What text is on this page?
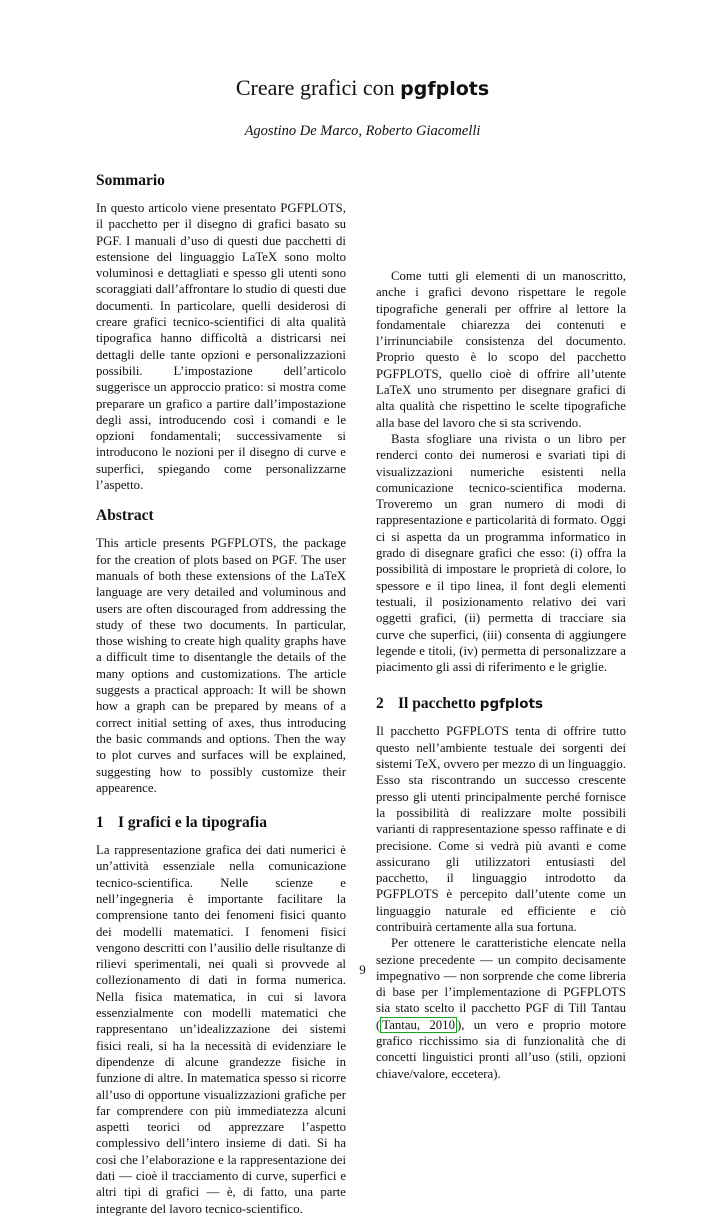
Creare grafici con pgfplots
Agostino De Marco, Roberto Giacomelli
Sommario

In questo articolo viene presentato PGFPLOTS, il pacchetto per il disegno di grafici basato su PGF. I manuali d’uso di questi due pacchetti di estensione del linguaggio LaTeX sono molto voluminosi e dettagliati e spesso gli utenti sono scoraggiati dall’affrontare lo studio di questi due documenti. In particolare, quelli desiderosi di creare grafici tecnico-scientifici di alta qualità tipografica hanno difficoltà a districarsi nei dettagli delle tante opzioni e personalizzazioni possibili. L’impostazione dell’articolo suggerisce un approccio pratico: si mostra come preparare un grafico a partire dall’impostazione degli assi, introducendo così i comandi e le opzioni fondamentali; successivamente si introducono le nozioni per il disegno di curve e superfici, spiegando come personalizzarne l’aspetto.

Abstract

This article presents PGFPLOTS, the package for the creation of plots based on PGF. The user manuals of both these extensions of the LaTeX language are very detailed and voluminous and users are often discouraged from addressing the study of these two documents. In particular, those wishing to create high quality graphs have a difficult time to disentangle the details of the many options and customizations. The article suggests a practical approach: It will be shown how a graph can be prepared by means of a correct initial setting of axes, thus introducing the basic commands and options. Then the way to plot curves and surfaces will be explained, suggesting how to possibly customize their appearence.

1 I grafici e la tipografia

La rappresentazione grafica dei dati numerici è un’attività essenziale nella comunicazione tecnico-scientifica. Nelle scienze e nell’ingegneria è importante facilitare la comprensione tanto dei fenomeni fisici quanto dei modelli matematici. I fenomeni fisici vengono descritti con l’ausilio delle risultanze di rilievi sperimentali, nei quali si provvede al collezionamento di dati in forma numerica. Nella fisica matematica, in cui si lavora essenzialmente con modelli matematici che rappresentano un’idealizzazione dei sistemi fisici reali, si ha la necessità di evidenziare le dipendenze di alcune grandezze fisiche in funzione di altre. In matematica spesso si ricorre all’uso di opportune visualizzazioni grafiche per far comprendere con più immediatezza alcuni aspetti teorici od apprezzare l’aspetto complessivo dell’intero insieme di dati. Si ha così che l’elaborazione e la rappresentazione dei dati — cioè il tracciamento di curve, superfici e altri tipi di grafici — è, di fatto, una parte integrante del lavoro tecnico-scientifico.

Come tutti gli elementi di un manoscritto, anche i grafici devono rispettare le regole tipografiche generali per offrire al lettore la fondamentale chiarezza dei contenuti e l’irrinunciabile consistenza del documento. Proprio questo è lo scopo del pacchetto PGFPLOTS, quello cioè di offrire all’utente LaTeX uno strumento per disegnare grafici di alta qualità che rispettino le scelte tipografiche alla base del lavoro che si sta scrivendo.

Basta sfogliare una rivista o un libro per renderci conto dei numerosi e svariati tipi di visualizzazioni numeriche esistenti nella comunicazione tecnico-scientifica moderna. Troveremo un gran numero di modi di rappresentazione e particolarità di formato. Oggi ci si aspetta da un programma informatico in grado di disegnare grafici che esso: (i) offra la possibilità di impostare le proprietà di colore, lo spessore e il tipo linea, il font degli elementi testuali, il posizionamento relativo dei vari oggetti grafici, (ii) permetta di tracciare sia curve che superfici, (iii) consenta di aggiungere legende e titoli, (iv) permetta di personalizzare a piacimento gli assi di riferimento e le griglie.

2 Il pacchetto pgfplots

Il pacchetto PGFPLOTS tenta di offrire tutto questo nell’ambiente testuale dei sorgenti dei sistemi TeX, ovvero per mezzo di un linguaggio. Esso sta riscontrando un successo crescente presso gli utenti principalmente perché fornisce la possibilità di realizzare molte possibili varianti di rappresentazione spesso raffinate e di precisione. Come si vedrà più avanti e come assicurano gli utilizzatori entusiasti del pacchetto, il linguaggio introdotto da PGFPLOTS è percepito dall’utente come un linguaggio naturale ed efficiente e ciò contribuirà certamente alla sua fortuna.

Per ottenere le caratteristiche elencate nella sezione precedente — un compito decisamente impegnativo — non sorprende che come libreria di base per l’implementazione di PGFPLOTS sia stato scelto il pacchetto PGF di Till Tantau ( Tantau, 2010 ), un vero e proprio motore grafico ricchissimo sia di funzionalità che di concetti linguistici pronti all’uso (stili, opzioni chiave/valore, eccetera).

9
